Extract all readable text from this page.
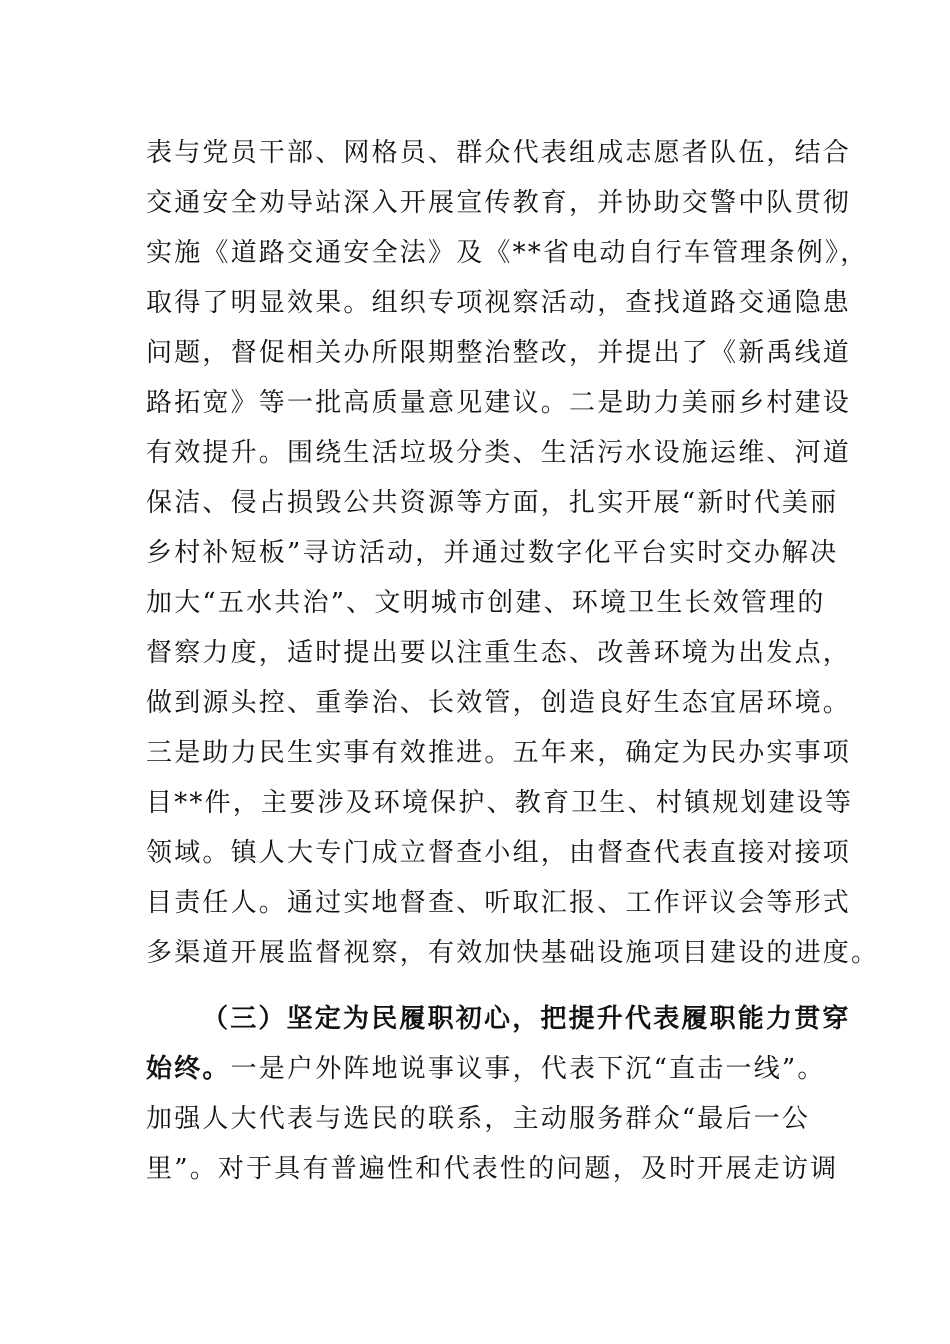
表与党员干部、网格员、群众代表组成志愿者队伍，结合
交通安全劝导站深入开展宣传教育，并协助交警中队贯彻
实施《道路交通安全法》及《**省电动自行车管理条例》，
取得了明显效果。组织专项视察活动，查找道路交通隐患
问题，督促相关办所限期整治整改，并提出了《新禹线道
路拓宽》等一批高质量意见建议。二是助力美丽乡村建设
有效提升。围绕生活垃圾分类、生活污水设施运维、河道
保洁、侵占损毁公共资源等方面，扎实开展“新时代美丽
乡村补短板”寻访活动，并通过数字化平台实时交办解决
加大“五水共治”、文明城市创建、环境卫生长效管理的
督察力度，适时提出要以注重生态、改善环境为出发点，
做到源头控、重拳治、长效管，创造良好生态宜居环境。
三是助力民生实事有效推进。五年来，确定为民办实事项
目**件，主要涉及环境保护、教育卫生、村镇规划建设等
领域。镇人大专门成立督查小组，由督查代表直接对接项
目责任人。通过实地督查、听取汇报、工作评议会等形式
多渠道开展监督视察，有效加快基础设施项目建设的进度。
（三）坚定为民履职初心，把提升代表履职能力贯穿
始终。一是户外阵地说事议事，代表下沉“直击一线”。
加强人大代表与选民的联系，主动服务群众“最后一公
里”。对于具有普遍性和代表性的问题，及时开展走访调
